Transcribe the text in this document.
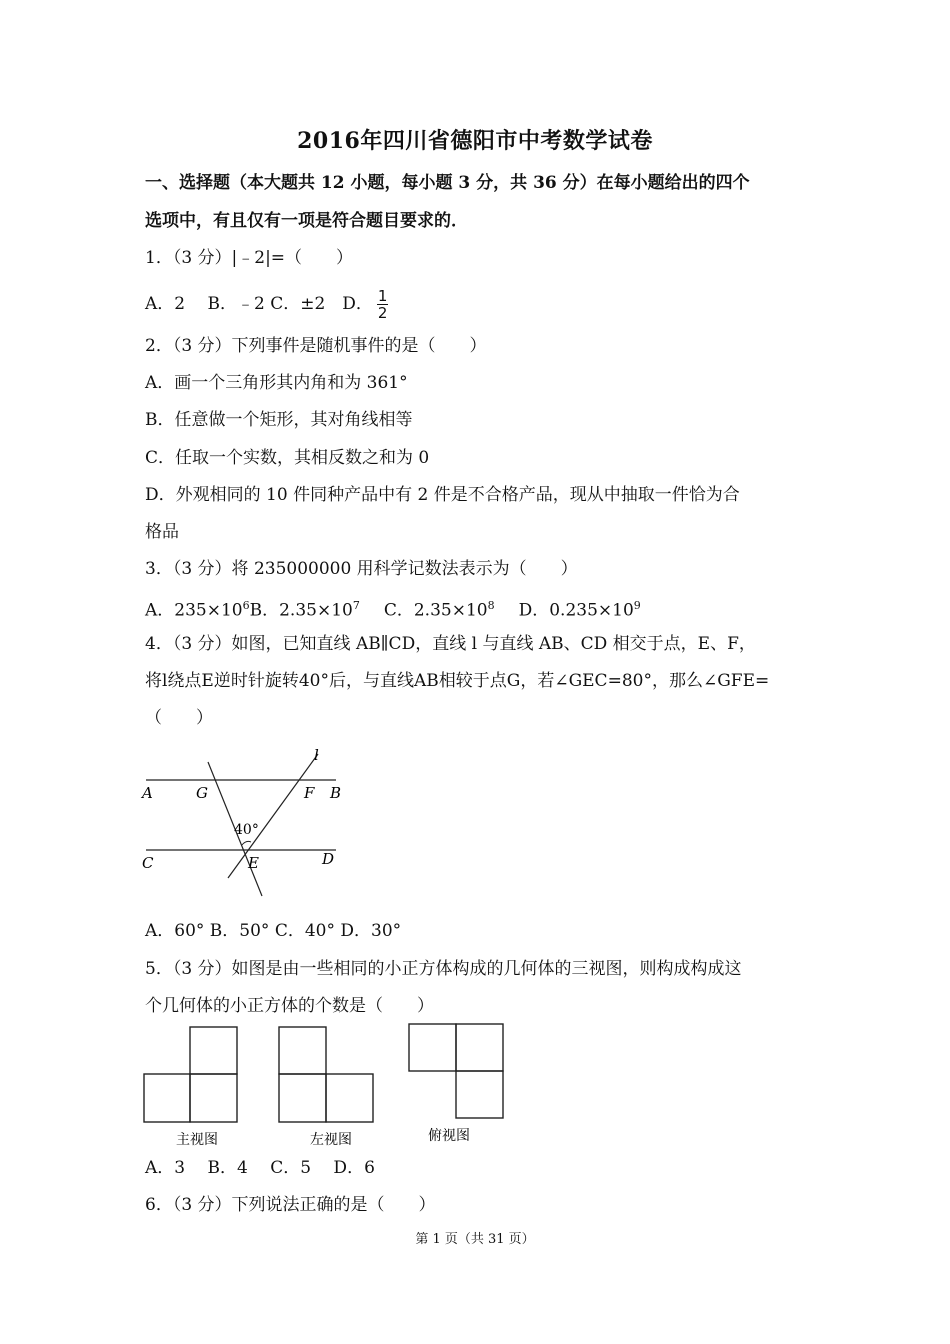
2016年四川省德阳市中考数学试卷
一、选择题（本大题共 12 小题，每小题 3 分，共 36 分）在每小题给出的四个
选项中，有且仅有一项是符合题目要求的．
1．（3 分）|﹣2|=（　　）
A．2　 B．﹣2 C．±2　D． $\frac{1}{2}$
2．（3 分）下列事件是随机事件的是（　　）
A．画一个三角形其内角和为 361°
B．任意做一个矩形，其对角线相等
C．任取一个实数，其相反数之和为 0
D．外观相同的 10 件同种产品中有 2 件是不合格产品，现从中抽取一件恰为合
格品
3．（3 分）将 235000000 用科学记数法表示为（　　）
A．$235\times 10^6B$．$2.35\times 10^7$ C．$2.35\times 10^8$ D．$0.235\times 10^9$
4．（3 分）如图，已知直线 AB∥CD，直线 l 与直线 AB、CD 相交于点，E、F，
将l绕点E逆时针旋转40°后，与直线AB相较于点G，若∠GEC=80°，那么∠GFE=
（　　）
A	G	F B
l
40°
C	E	D
A．60° B．50° C．40° D．30°
5．（3 分）如图是由一些相同的小正方体构成的几何体的三视图，则构成构成这
个几何体的小正方体的个数是（　　）
主视图	左视图	俯视图
A．3　 B．4　 C．5　 D．6
6．（3 分）下列说法正确的是（　　）
第 1 页（共 31 页）
